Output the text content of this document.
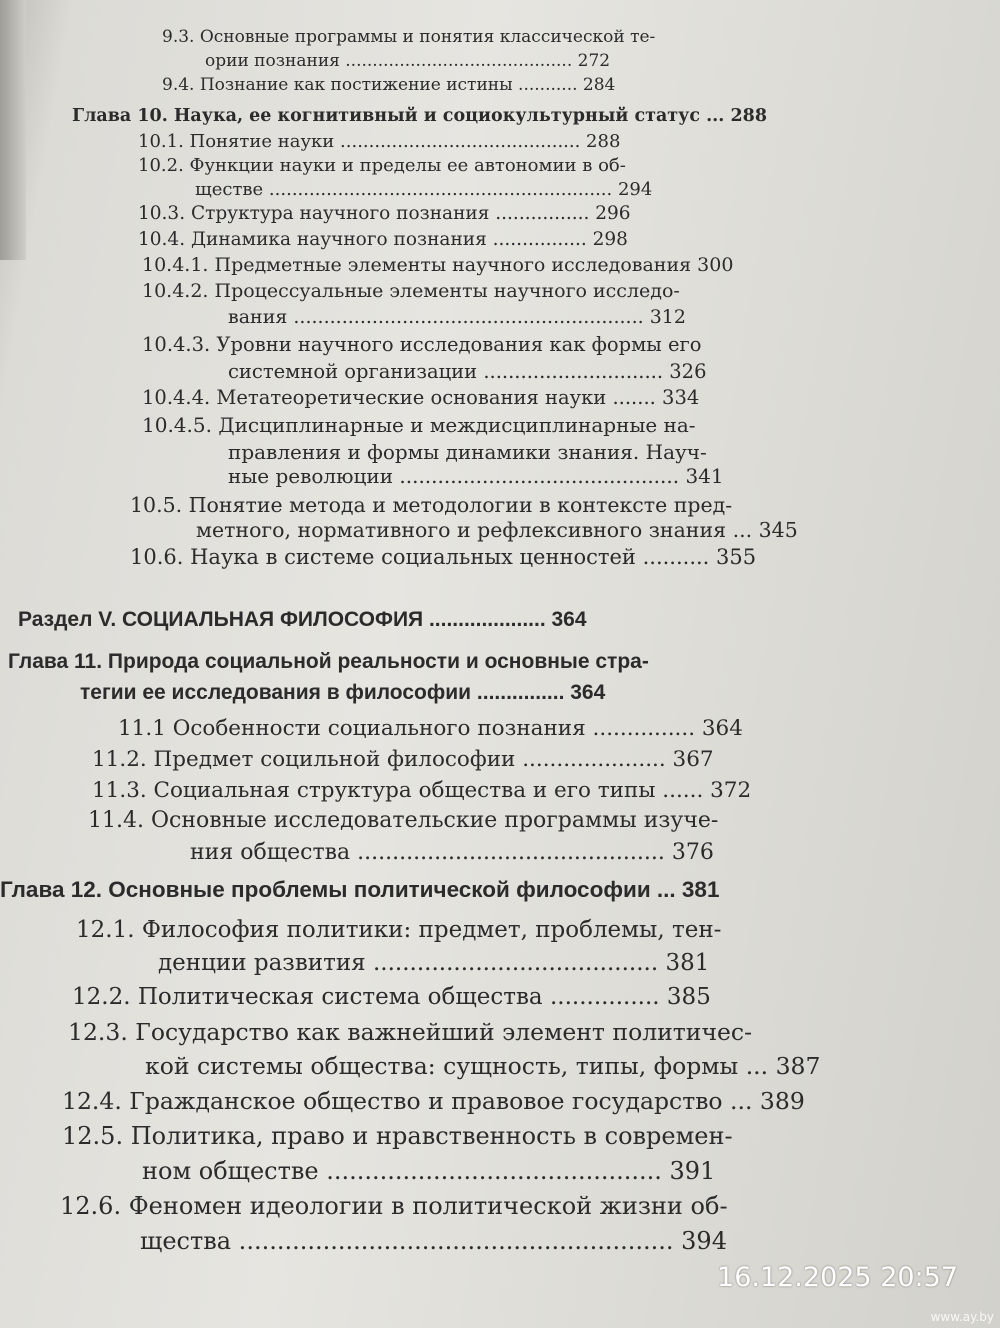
9.3. Основные программы и понятия классической те-
ории познания .......................................... 272
9.4. Познание как постижение истины ........... 284
Глава 10. Наука, ее когнитивный и социокультурный статус ... 288
10.1. Понятие науки .......................................... 288
10.2. Функции науки и пределы ее автономии в об-
ществе ............................................................ 294
10.3. Структура научного познания ................ 296
10.4. Динамика научного познания ................ 298
10.4.1. Предметные элементы научного исследования 300
10.4.2. Процессуальные элементы научного исследо-
вания .......................................................... 312
10.4.3. Уровни научного исследования как формы его
системной организации ............................. 326
10.4.4. Метатеоретические основания науки ....... 334
10.4.5. Дисциплинарные и междисциплинарные на-
правления и формы динамики знания. Науч-
ные революции ............................................ 341
10.5. Понятие метода и методологии в контексте пред-
метного, нормативного и рефлексивного знания ... 345
10.6. Наука в системе социальных ценностей .......... 355
Раздел V. СОЦИАЛЬНАЯ ФИЛОСОФИЯ .................... 364
Глава 11. Природа социальной реальности и основные стра-
тегии ее исследования в философии ............... 364
11.1 Особенности социального познания ............... 364
11.2. Предмет социльной философии ..................... 367
11.3. Социальная структура общества и его типы ...... 372
11.4. Основные исследовательские программы изуче-
ния общества ............................................ 376
Глава 12. Основные проблемы политической философии ... 381
12.1. Философия политики: предмет, проблемы, тен-
денции развития ....................................... 381
12.2. Политическая система общества ............... 385
12.3. Государство как важнейший элемент политичес-
кой системы общества: сущность, типы, формы ... 387
12.4. Гражданское общество и правовое государство ... 389
12.5. Политика, право и нравственность в современ-
ном обществе ............................................ 391
12.6. Феномен идеологии в политической жизни об-
щества ......................................................... 394
16.12.2025 20:57
www.ay.by
